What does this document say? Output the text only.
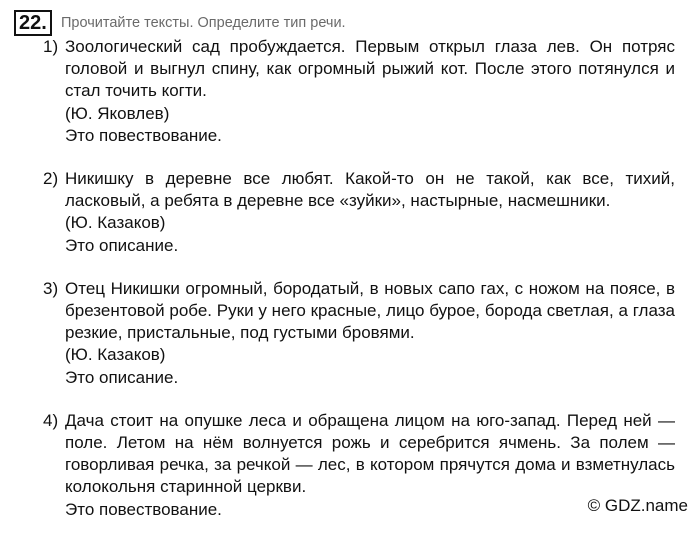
22. Прочитайте тексты. Определите тип речи.
1) Зоологический сад пробуждается. Первым открыл глаза лев. Он потряс головой и выгнул спину, как огромный рыжий кот. После этого потянулся и стал точить когти.

(Ю. Яковлев)

Это повествование.

2) Никишку в деревне все любят. Какой-то он не такой, как все, тихий, ласковый, а ребята в деревне все «зуйки», настырные, насмешники.

(Ю. Казаков)

Это описание.

3) Отец Никишки огромный, бородатый, в новых сапо гах, с ножом на поясе, в брезентовой робе. Руки у него красные, лицо бурое, борода светлая, а глаза резкие, пристальные, под густыми бровями.

(Ю. Казаков)

Это описание.

4) Дача стоит на опушке леса и обращена лицом на юго-запад. Перед ней — поле. Летом на нём волнуется рожь и серебрится ячмень. За полем — говорливая речка, за речкой — лес, в котором прячутся дома и взметнулась колокольня старинной церкви.

Это повествование.	© GDZ.name
